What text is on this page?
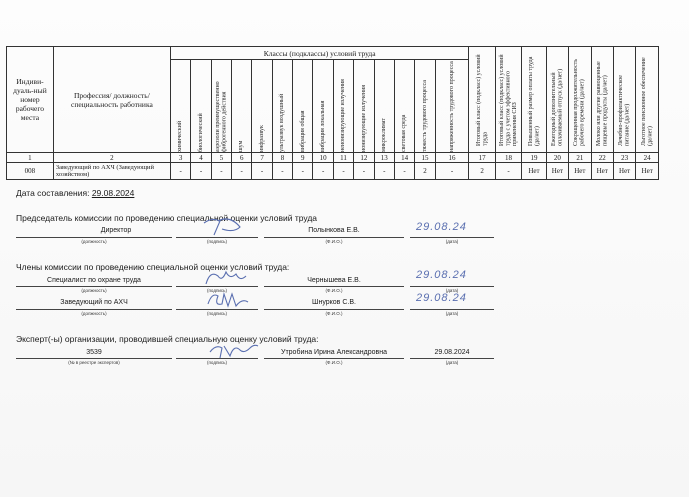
Индиви-дуаль-ный номер рабочего места	Профессия/ должность/ специальность работника	Классы (подклассы) условий труда														Итоговый класс (подкласс) условий труда	Итоговый класс (подкласс) условий труда с учетом эффективного применения СИЗ	Повышенный размер оплаты труда (да/нет)	Ежегодный дополнительный оплачиваемый отпуск (да/нет)	Сокращенная продолжительность рабочего времени (да/нет)	Молоко или другие равноценные пищевые продукты (да/нет)	Лечебно-профилактическое питание (да/нет)	Льготное пенсионное обеспечение (да/нет)

		химический	биологический	аэрозоли преимущественно фиброгенного действия	шум	инфразвук	ультразвук воздушный	вибрация общая	вибрация локальная	неионизирующие излучения	ионизирующие излучения	микроклимат	световая среда	тяжесть трудового процесса	напряженность трудового процесса								

1	2	3	4	5	6	7	8	9	10	11	12	13	14	15	16	17	18	19	20	21	22	23	24
008	Заведующий по АХЧ (Заведующий хозяйством)	-	-	-	-	-	-	-	-	-	-	-	-	2	-	2	-	Нет	Нет	Нет	Нет	Нет	Нет
Дата составления: 29.08.2024
Председатель комиссии по проведению специальной оценки условий труда
Директор
(должность)	(подпись)
Полынкова Е.В.
(Ф.И.О.)
29.08.24
(дата)
Члены комиссии по проведению специальной оценки условий труда:
Специалист по охране труда
(должность)	(подпись)
Чернышева Е.В.
(Ф.И.О.)
29.08.24
(дата)
Заведующий по АХЧ
(должность)	(подпись)
Шнурков С.В.
(Ф.И.О.)
29.08.24
(дата)
Эксперт(-ы) организации, проводившей специальную оценку условий труда:
3539
(№ в реестре экспертов)	(подпись)
Утробина Ирина Александровна
(Ф.И.О.)
29.08.2024
(дата)
